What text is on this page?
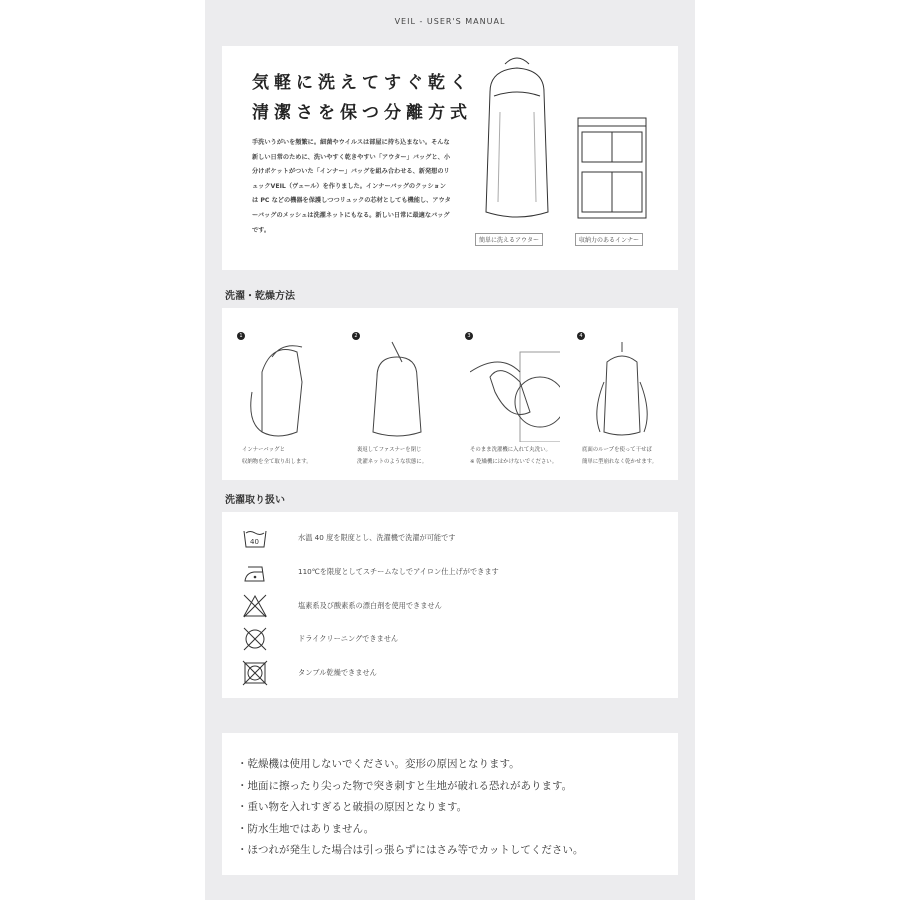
VEIL - USER'S MANUAL
気軽に洗えてすぐ乾く
清潔さを保つ分離方式
手洗いうがいを頻繁に。細菌やウイルスは部屋に持ち込まない。そんな新しい日常のために、洗いやすく乾きやすい「アウター」バッグと、小分けポケットがついた「インナー」バッグを組み合わせる、新発想のリュックVEIL（ヴェール）を作りました。インナーバッグのクッションは PC などの機器を保護しつつリュックの芯材としても機能し、アウターバッグのメッシュは洗濯ネットにもなる。新しい日常に最適なバッグです。
簡単に洗えるアウター	収納力のあるインナー
洗濯・乾燥方法
1
インナーバッグと
収納物を全て取り出します。
2
裏返してファスナーを閉じ
洗濯ネットのような状態に。
3
そのまま洗濯機に入れて丸洗い。
※ 乾燥機にはかけないでください。
4
底面のループを使って干せば
簡単に型崩れなく乾かせます。
洗濯取り扱い
40	水温 40 度を限度とし、洗濯機で洗濯が可能です
110℃を限度としてスチームなしでアイロン仕上げができます
塩素系及び酸素系の漂白剤を使用できません
ドライクリーニングできません
タンブル乾燥できません
・乾燥機は使用しないでください。変形の原因となります。
・地面に擦ったり尖った物で突き刺すと生地が破れる恐れがあります。
・重い物を入れすぎると破損の原因となります。
・防水生地ではありません。
・ほつれが発生した場合は引っ張らずにはさみ等でカットしてください。
